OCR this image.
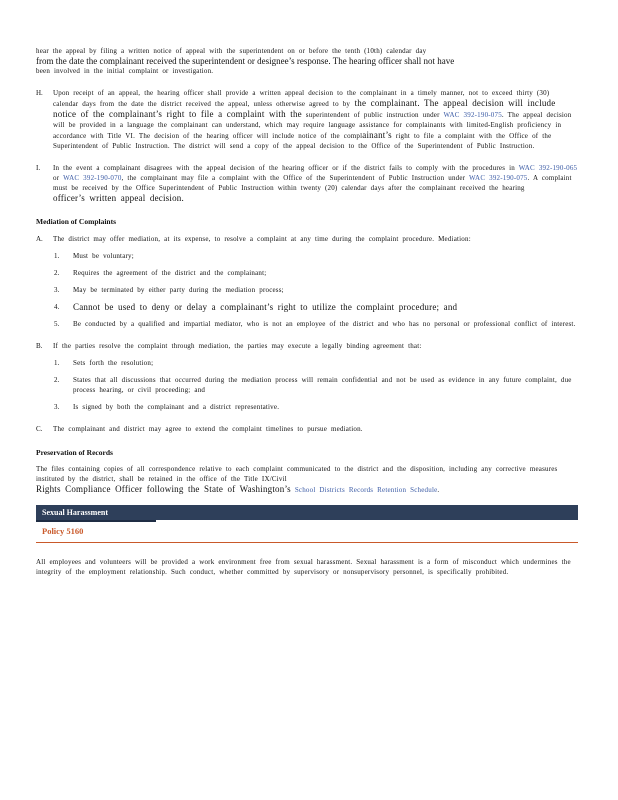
hear the appeal by filing a written notice of appeal with the superintendent on or before the tenth (10th) calendar day

from the date the complainant received the superintendent or designee’s response. The hearing officer shall not have

been involved in the initial complaint or investigation.

H.	Upon receipt of an appeal, the hearing officer shall provide a written appeal decision to the complainant in a timely manner, not to exceed thirty (30) calendar days from the date the district received the appeal, unless otherwise agreed to by the complainant. The appeal decision will include notice of the complainant’s right to file a complaint with the superintendent of public instruction under WAC 392-190-075. The appeal decision will be provided in a language the complainant can understand, which may require language assistance for complainants with limited-English proficiency in accordance with Title VI. The decision of the hearing officer will include notice of the complainant’s right to file a complaint with the Office of the Superintendent of Public Instruction. The district will send a copy of the appeal decision to the Office of the Superintendent of Public Instruction.
I.	In the event a complainant disagrees with the appeal decision of the hearing officer or if the district fails to comply with the procedures in WAC 392-190-065 or WAC 392-190-070, the complainant may file a complaint with the Office of the Superintendent of Public Instruction under WAC 392-190-075. A complaint must be received by the Office Superintendent of Public Instruction within twenty (20) calendar days after the complainant received the hearing
officer’s written appeal decision.

Mediation of Complaints

A.	The district may offer mediation, at its expense, to resolve a complaint at any time during the complaint procedure. Mediation:
1.	Must be voluntary;
2.	Requires the agreement of the district and the complainant;
3.	May be terminated by either party during the mediation process;
4.	Cannot be used to deny or delay a complainant’s right to utilize the complaint procedure; and
5.	Be conducted by a qualified and impartial mediator, who is not an employee of the district and who has no personal or professional conflict of interest.
B.	If the parties resolve the complaint through mediation, the parties may execute a legally binding agreement that:
1.	Sets forth the resolution;
2.	States that all discussions that occurred during the mediation process will remain confidential and not be used as evidence in any future complaint, due process hearing, or civil proceeding; and
3.	Is signed by both the complainant and a district representative.
C.	The complainant and district may agree to extend the complaint timelines to pursue mediation.

Preservation of Records

The files containing copies of all correspondence relative to each complaint communicated to the district and the disposition, including any corrective measures instituted by the district, shall be retained in the office of the Title IX/Civil
Rights Compliance Officer following the State of Washington’s School Districts Records Retention Schedule.
Sexual Harassment

Policy 5160

All employees and volunteers will be provided a work environment free from sexual harassment. Sexual harassment is a form of misconduct which undermines the integrity of the employment relationship. Such conduct, whether committed by supervisory or nonsupervisory personnel, is specifically prohibited.
